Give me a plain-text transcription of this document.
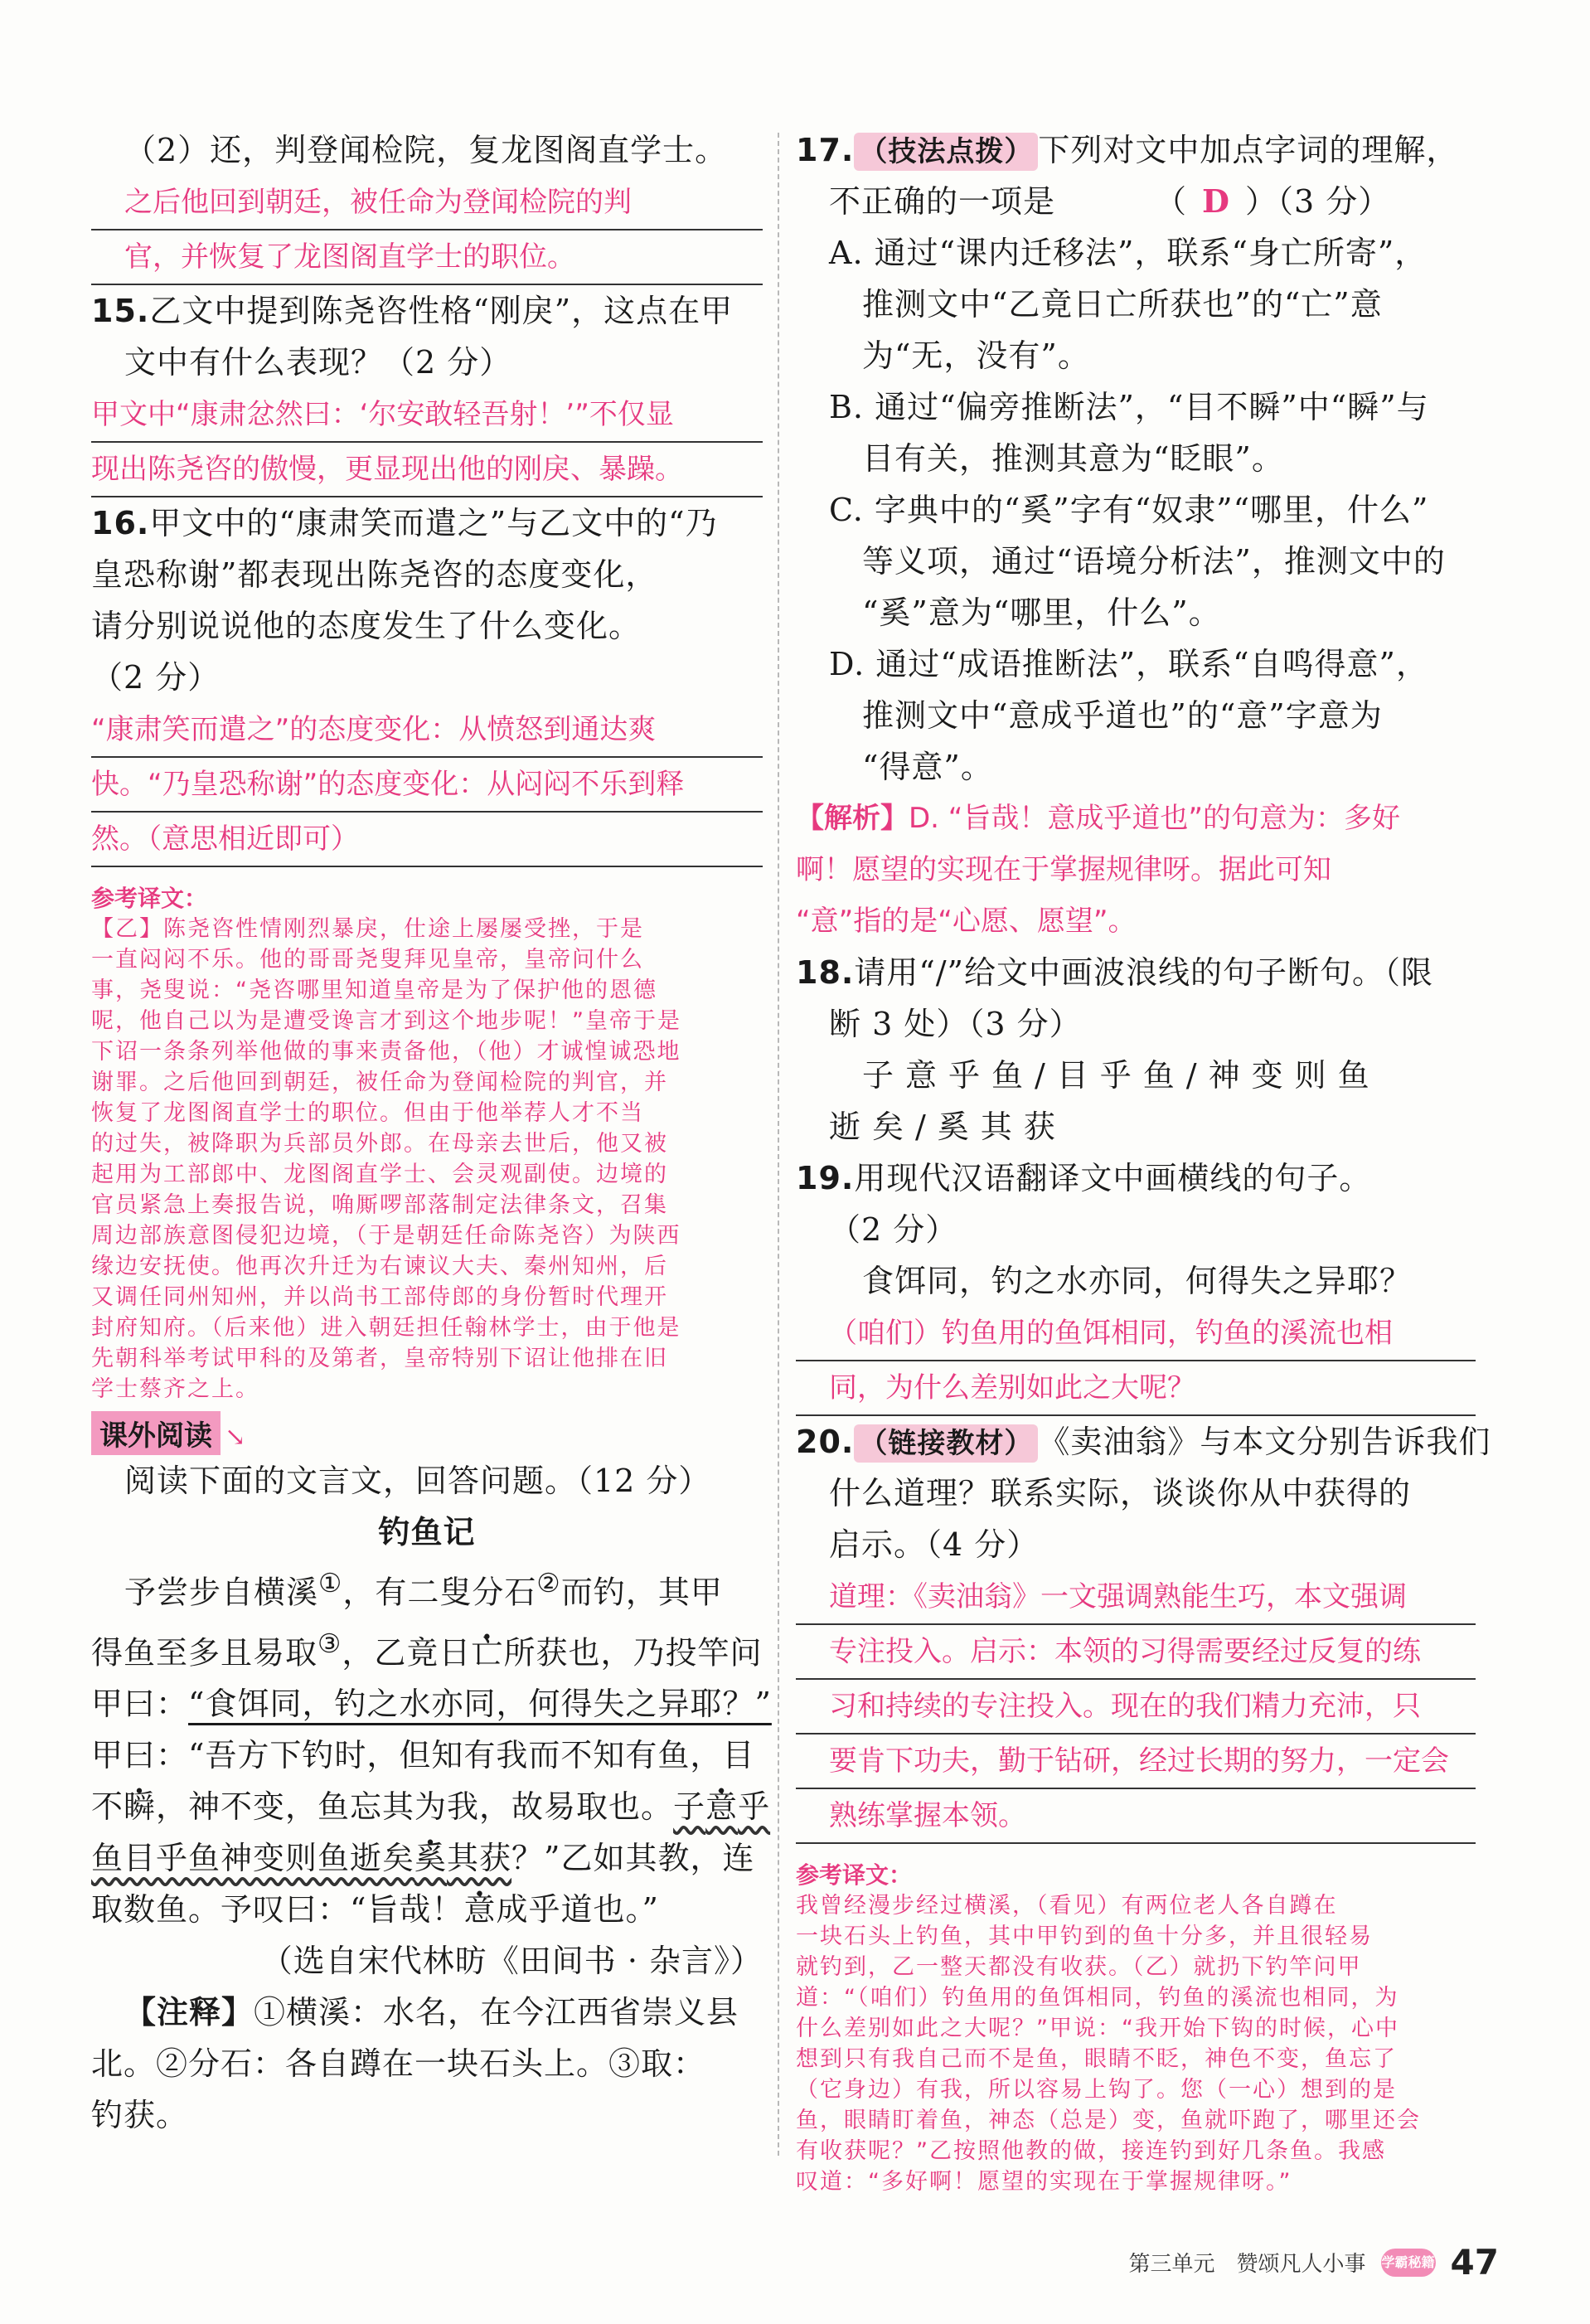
（2）还，判登闻检院，复龙图阁直学士。
之后他回到朝廷，被任命为登闻检院的判
官，并恢复了龙图阁直学士的职位。
15.乙文中提到陈尧咨性格“刚戾”，这点在甲
文中有什么表现？（2 分）
甲文中“康肃忿然曰：‘尔安敢轻吾射！’”不仅显
现出陈尧咨的傲慢，更显现出他的刚戾、暴躁。
16.甲文中的“康肃笑而遣之”与乙文中的“乃
皇恐称谢”都表现出陈尧咨的态度变化，
请分别说说他的态度发生了什么变化。
（2 分）
“康肃笑而遣之”的态度变化：从愤怒到通达爽
快。“乃皇恐称谢”的态度变化：从闷闷不乐到释
然。（意思相近即可）
参考译文：
【乙】陈尧咨性情刚烈暴戾，仕途上屡屡受挫，于是
一直闷闷不乐。他的哥哥尧叟拜见皇帝，皇帝问什么
事，尧叟说：“尧咨哪里知道皇帝是为了保护他的恩德
呢，他自己以为是遭受谗言才到这个地步呢！”皇帝于是
下诏一条条列举他做的事来责备他，（他）才诚惶诚恐地
谢罪。之后他回到朝廷，被任命为登闻检院的判官，并
恢复了龙图阁直学士的职位。但由于他举荐人才不当
的过失，被降职为兵部员外郎。在母亲去世后，他又被
起用为工部郎中、龙图阁直学士、会灵观副使。边境的
官员紧急上奏报告说，唃厮啰部落制定法律条文，召集
周边部族意图侵犯边境，（于是朝廷任命陈尧咨）为陕西
缘边安抚使。他再次升迁为右谏议大夫、秦州知州，后
又调任同州知州，并以尚书工部侍郎的身份暂时代理开
封府知府。（后来他）进入朝廷担任翰林学士，由于他是
先朝科举考试甲科的及第者，皇帝特别下诏让他排在旧
学士蔡齐之上。
课外阅读 ↘
阅读下面的文言文，回答问题。（12 分）
钓鱼记
予尝步自横溪①，有二叟分石②而钓，其甲
得鱼至多且易取③，乙竟日亡所获也，乃投竿问
甲曰：“食饵同，钓之水亦同，何得失之异耶？”
甲曰：“吾方下钓时，但知有我而不知有鱼，目
不瞬，神不变，鱼忘其为我，故易取也。子意乎
鱼目乎鱼神变则鱼逝矣奚其获？”乙如其教，连
取数鱼。予叹曰：“旨哉！意成乎道也。”
（选自宋代林昉《田间书 · 杂言》）
【注释】①横溪：水名，在今江西省崇义县
北。②分石：各自蹲在一块石头上。③取：
钓获。
17. （技法点拨） 下列对文中加点字词的理解，
不正确的一项是	（ D ）（3 分）
A. 通过“课内迁移法”，联系“身亡所寄”，
推测文中“乙竟日亡所获也”的“亡”意
为“无，没有”。
B. 通过“偏旁推断法”，“目不瞬”中“瞬”与
目有关，推测其意为“眨眼”。
C. 字典中的“奚”字有“奴隶”“哪里，什么”
等义项，通过“语境分析法”，推测文中的
“奚”意为“哪里，什么”。
D. 通过“成语推断法”，联系“自鸣得意”，
推测文中“意成乎道也”的“意”字意为
“得意”。
【解析】D. “旨哉！意成乎道也”的句意为：多好
啊！愿望的实现在于掌握规律呀。据此可知
“意”指的是“心愿、愿望”。
18.请用“/”给文中画波浪线的句子断句。（限
断 3 处）（3 分）
子意乎鱼/目乎鱼/神变则鱼
逝矣/奚其获
19.用现代汉语翻译文中画横线的句子。
（2 分）
食饵同，钓之水亦同，何得失之异耶？
（咱们）钓鱼用的鱼饵相同，钓鱼的溪流也相
同，为什么差别如此之大呢？
20. （链接教材） 《卖油翁》与本文分别告诉我们
什么道理？联系实际，谈谈你从中获得的
启示。（4 分）
道理：《卖油翁》一文强调熟能生巧，本文强调
专注投入。启示：本领的习得需要经过反复的练
习和持续的专注投入。现在的我们精力充沛，只
要肯下功夫，勤于钻研，经过长期的努力，一定会
熟练掌握本领。
参考译文：
我曾经漫步经过横溪，（看见）有两位老人各自蹲在
一块石头上钓鱼，其中甲钓到的鱼十分多，并且很轻易
就钓到，乙一整天都没有收获。（乙）就扔下钓竿问甲
道：“（咱们）钓鱼用的鱼饵相同，钓鱼的溪流也相同，为
什么差别如此之大呢？”甲说：“我开始下钩的时候，心中
想到只有我自己而不是鱼，眼睛不眨，神色不变，鱼忘了
（它身边）有我，所以容易上钩了。您（一心）想到的是
鱼，眼睛盯着鱼，神态（总是）变，鱼就吓跑了，哪里还会
有收获呢？”乙按照他教的做，接连钓到好几条鱼。我感
叹道：“多好啊！愿望的实现在于掌握规律呀。”
第三单元　赞颂凡人小事 学霸秘籍 47
